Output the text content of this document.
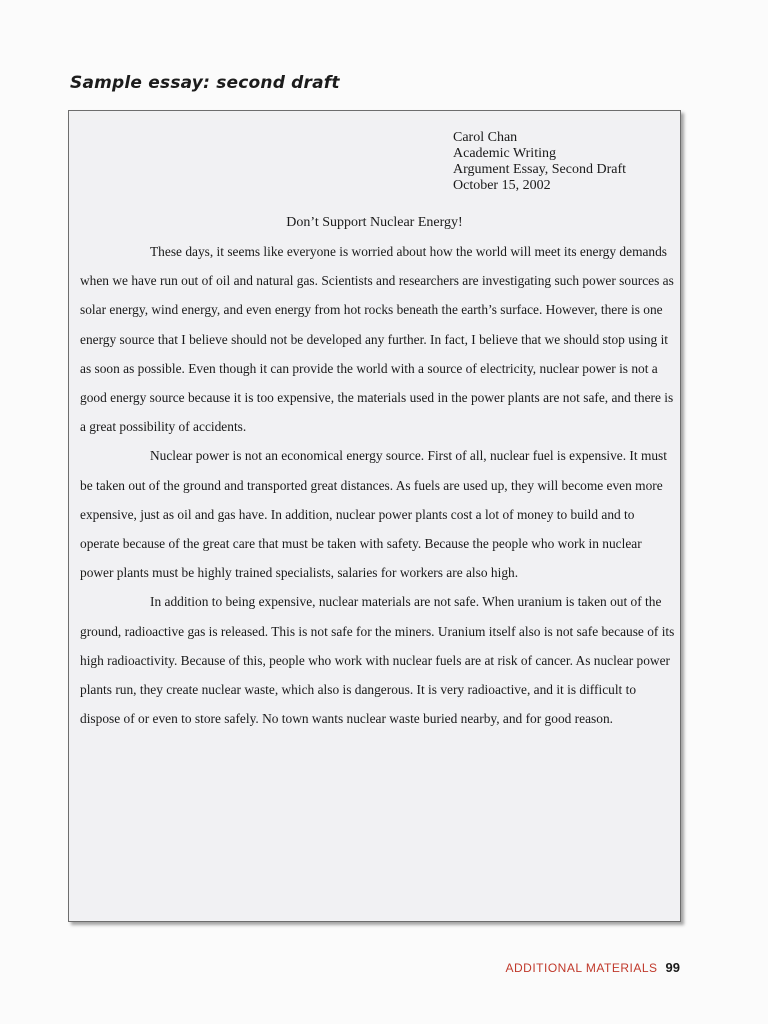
Sample essay: second draft
Carol Chan
Academic Writing
Argument Essay, Second Draft
October 15, 2002
Don’t Support Nuclear Energy!

These days, it seems like everyone is worried about how the world will meet its energy demands when we have run out of oil and natural gas. Scientists and researchers are investigating such power sources as solar energy, wind energy, and even energy from hot rocks beneath the earth’s surface. However, there is one energy source that I believe should not be developed any further. In fact, I believe that we should stop using it as soon as possible. Even though it can provide the world with a source of electricity, nuclear power is not a good energy source because it is too expensive, the materials used in the power plants are not safe, and there is a great possibility of accidents.

Nuclear power is not an economical energy source. First of all, nuclear fuel is expensive. It must be taken out of the ground and transported great distances. As fuels are used up, they will become even more expensive, just as oil and gas have. In addition, nuclear power plants cost a lot of money to build and to operate because of the great care that must be taken with safety. Because the people who work in nuclear power plants must be highly trained specialists, salaries for workers are also high.

In addition to being expensive, nuclear materials are not safe. When uranium is taken out of the ground, radioactive gas is released. This is not safe for the miners. Uranium itself also is not safe because of its high radioactivity. Because of this, people who work with nuclear fuels are at risk of cancer. As nuclear power plants run, they create nuclear waste, which also is dangerous. It is very radioactive, and it is difficult to dispose of or even to store safely. No town wants nuclear waste buried nearby, and for good reason.

ADDITIONAL MATERIALS 99
